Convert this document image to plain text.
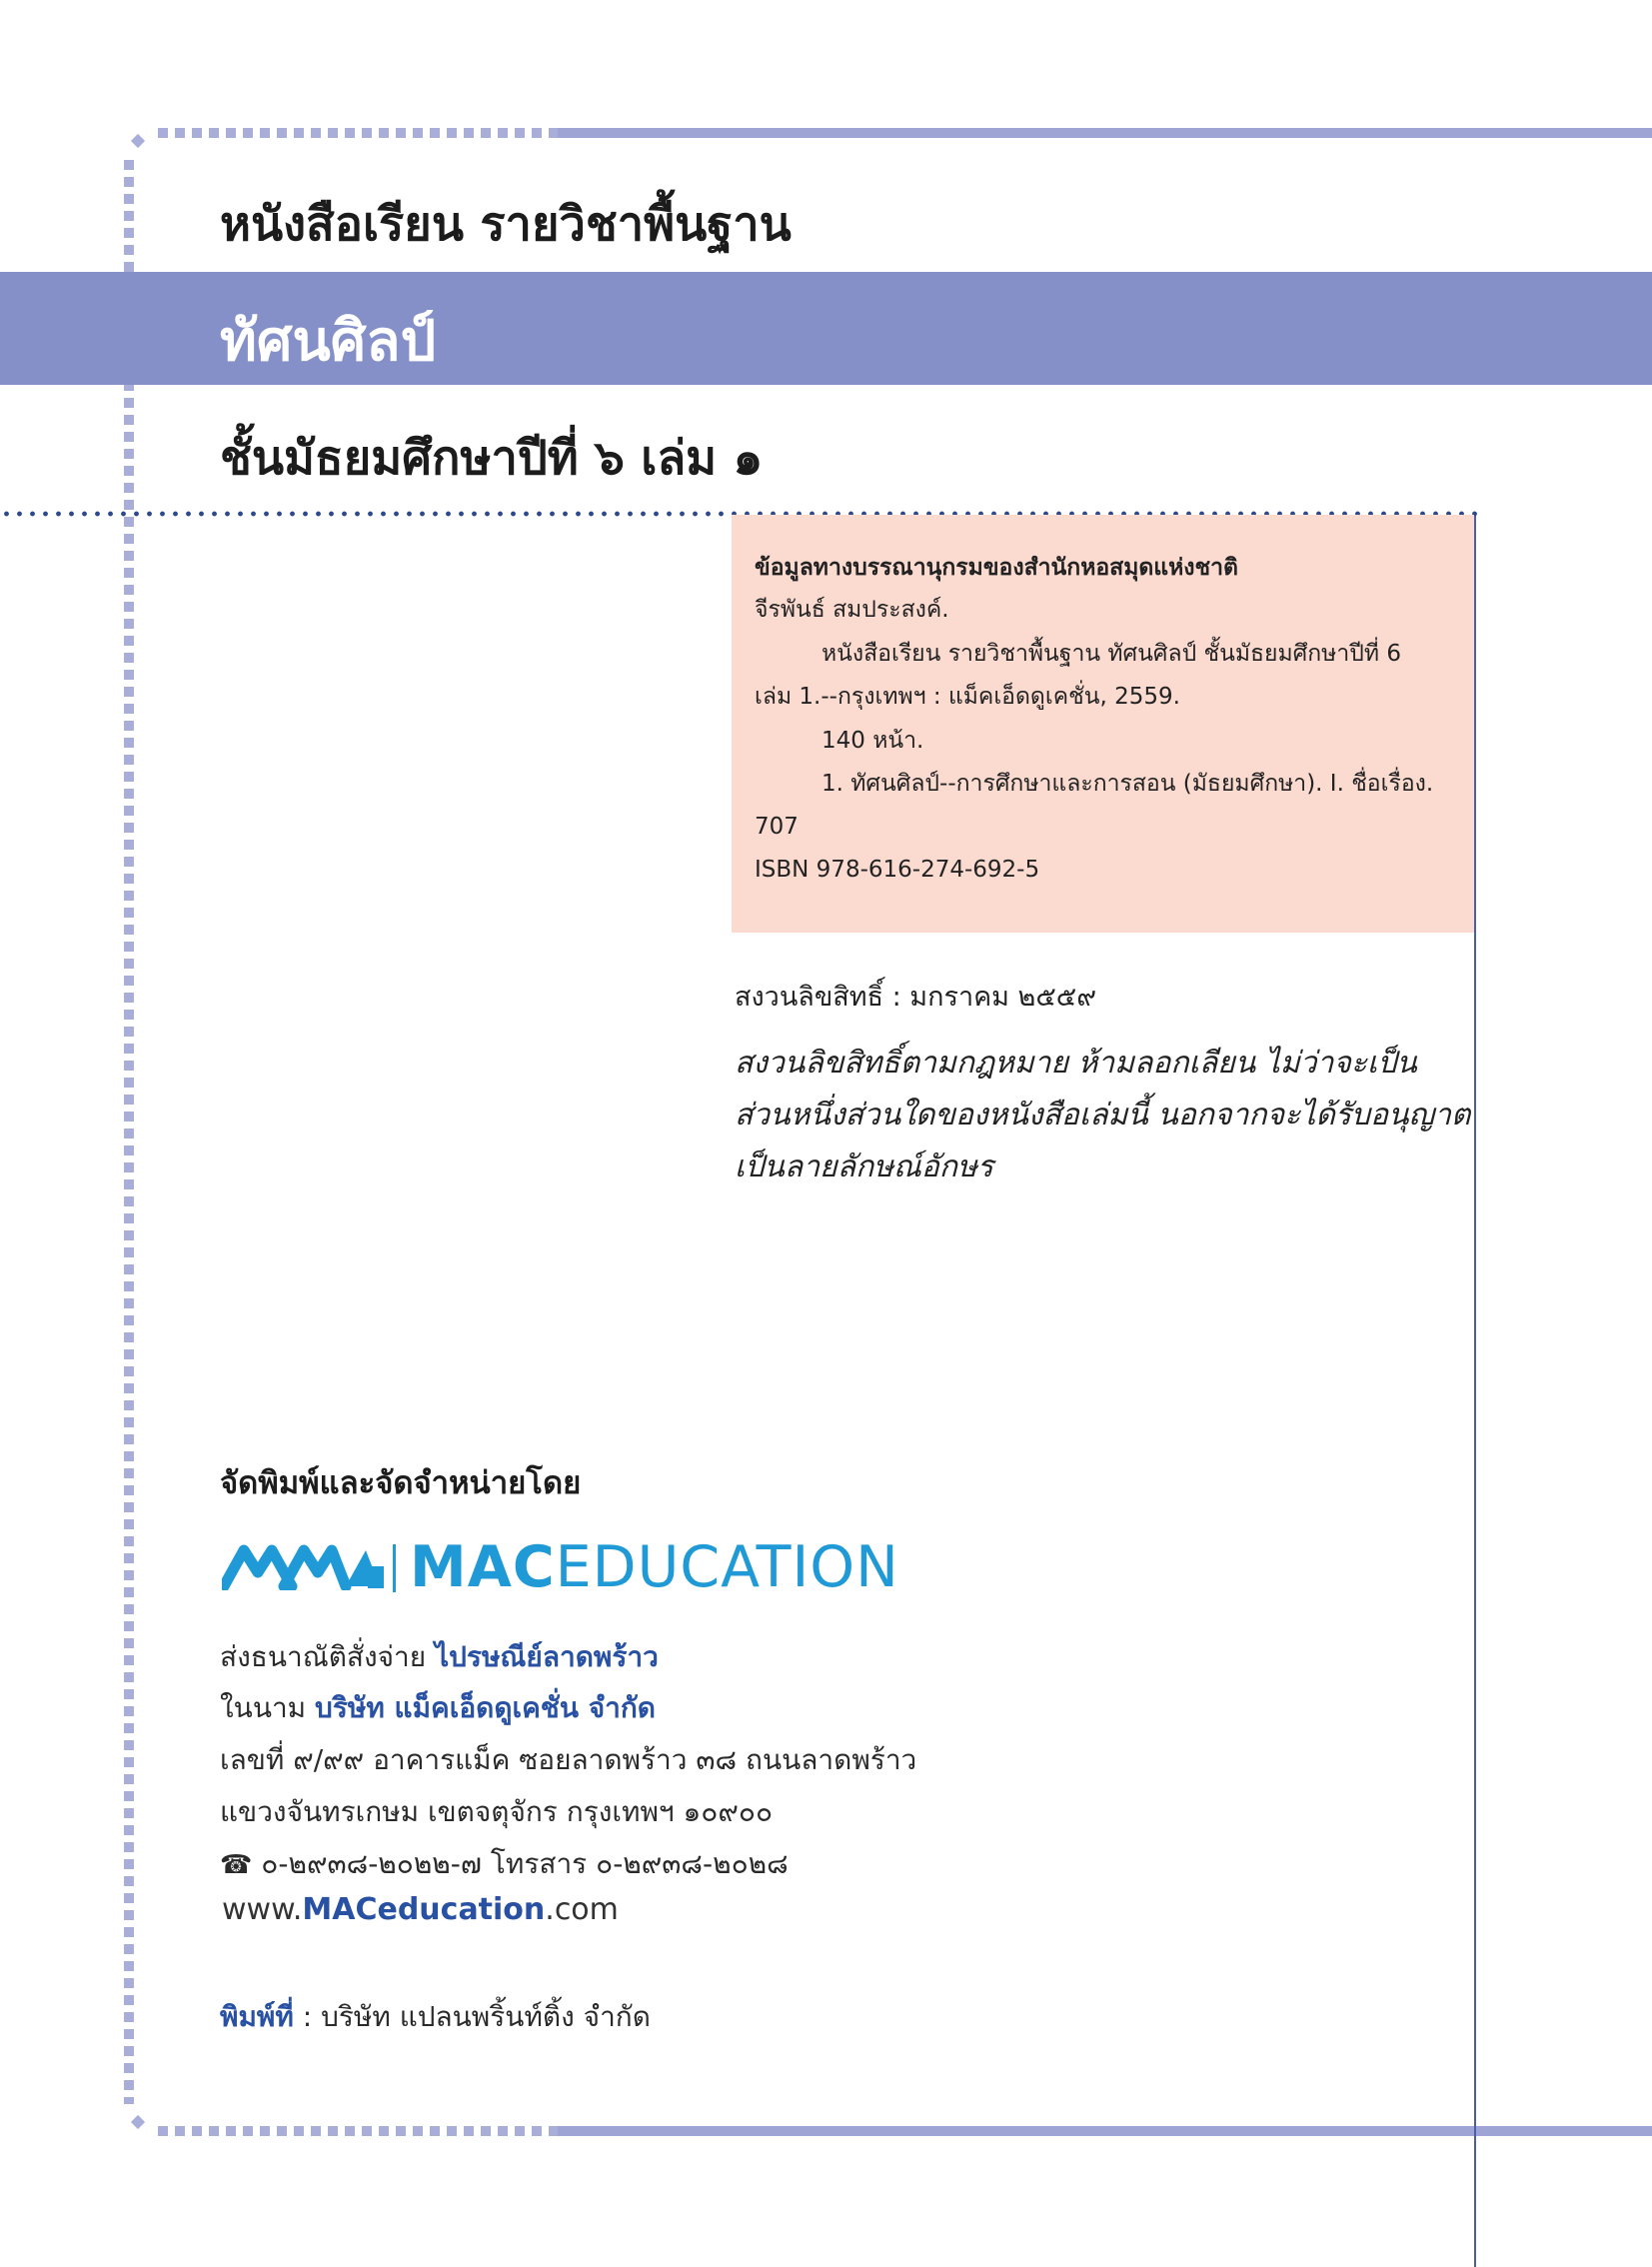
หนังสือเรียน รายวิชาพื้นฐาน
ทัศนศิลป์
ชั้นมัธยมศึกษาปีที่ ๖ เล่ม ๑
ข้อมูลทางบรรณานุกรมของสำนักหอสมุดแห่งชาติ
จีรพันธ์ สมประสงค์.
หนังสือเรียน รายวิชาพื้นฐาน ทัศนศิลป์ ชั้นมัธยมศึกษาปีที่ 6
เล่ม 1.--กรุงเทพฯ : แม็คเอ็ดดูเคชั่น, 2559.
140 หน้า.
1. ทัศนศิลป์--การศึกษาและการสอน (มัธยมศึกษา). I. ชื่อเรื่อง.
707
ISBN 978-616-274-692-5
สงวนลิขสิทธิ์ : มกราคม ๒๕๕๙
สงวนลิขสิทธิ์ตามกฎหมาย ห้ามลอกเลียน ไม่ว่าจะเป็น
ส่วนหนึ่งส่วนใดของหนังสือเล่มนี้ นอกจากจะได้รับอนุญาต
เป็นลายลักษณ์อักษร
จัดพิมพ์และจัดจำหน่ายโดย
MACEDUCATION
ส่งธนาณัติสั่งจ่าย ไปรษณีย์ลาดพร้าว
ในนาม บริษัท แม็คเอ็ดดูเคชั่น จำกัด
เลขที่ ๙/๙๙ อาคารแม็ค ซอยลาดพร้าว ๓๘ ถนนลาดพร้าว
แขวงจันทรเกษม เขตจตุจักร กรุงเทพฯ ๑๐๙๐๐
☎ ๐-๒๙๓๘-๒๐๒๒-๗ โทรสาร ๐-๒๙๓๘-๒๐๒๘
www.MACeducation.com
พิมพ์ที่ : บริษัท แปลนพริ้นท์ติ้ง จำกัด
